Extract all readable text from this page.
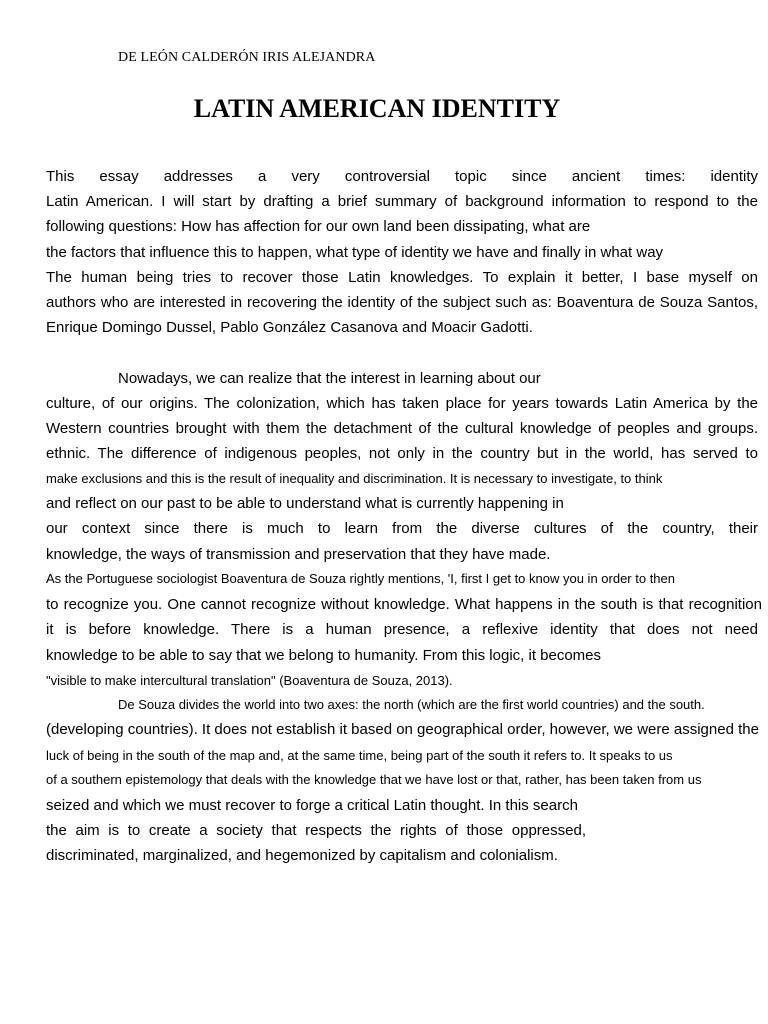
DE LEÓN CALDERÓN IRIS ALEJANDRA
LATIN AMERICAN IDENTITY
This essay addresses a very controversial topic since ancient times: identity
Latin American. I will start by drafting a brief summary of background information to respond to the
following questions: How has affection for our own land been dissipating, what are
the factors that influence this to happen, what type of identity we have and finally in what way
The human being tries to recover those Latin knowledges. To explain it better, I base myself on
authors who are interested in recovering the identity of the subject such as: Boaventura de Souza Santos,
Enrique Domingo Dussel, Pablo González Casanova and Moacir Gadotti.
Nowadays, we can realize that the interest in learning about our
culture, of our origins. The colonization, which has taken place for years towards Latin America by the
Western countries brought with them the detachment of the cultural knowledge of peoples and groups.
ethnic. The difference of indigenous peoples, not only in the country but in the world, has served to
make exclusions and this is the result of inequality and discrimination. It is necessary to investigate, to think
and reflect on our past to be able to understand what is currently happening in
our context since there is much to learn from the diverse cultures of the country, their
knowledge, the ways of transmission and preservation that they have made.
As the Portuguese sociologist Boaventura de Souza rightly mentions, 'I, first I get to know you in order to then
to recognize you. One cannot recognize without knowledge. What happens in the south is that recognition
it is before knowledge. There is a human presence, a reflexive identity that does not need
knowledge to be able to say that we belong to humanity. From this logic, it becomes
"visible to make intercultural translation" (Boaventura de Souza, 2013).
De Souza divides the world into two axes: the north (which are the first world countries) and the south.
(developing countries). It does not establish it based on geographical order, however, we were assigned the
luck of being in the south of the map and, at the same time, being part of the south it refers to. It speaks to us
of a southern epistemology that deals with the knowledge that we have lost or that, rather, has been taken from us
seized and which we must recover to forge a critical Latin thought. In this search
the aim is to create a society that respects the rights of those oppressed,
discriminated, marginalized, and hegemonized by capitalism and colonialism.
